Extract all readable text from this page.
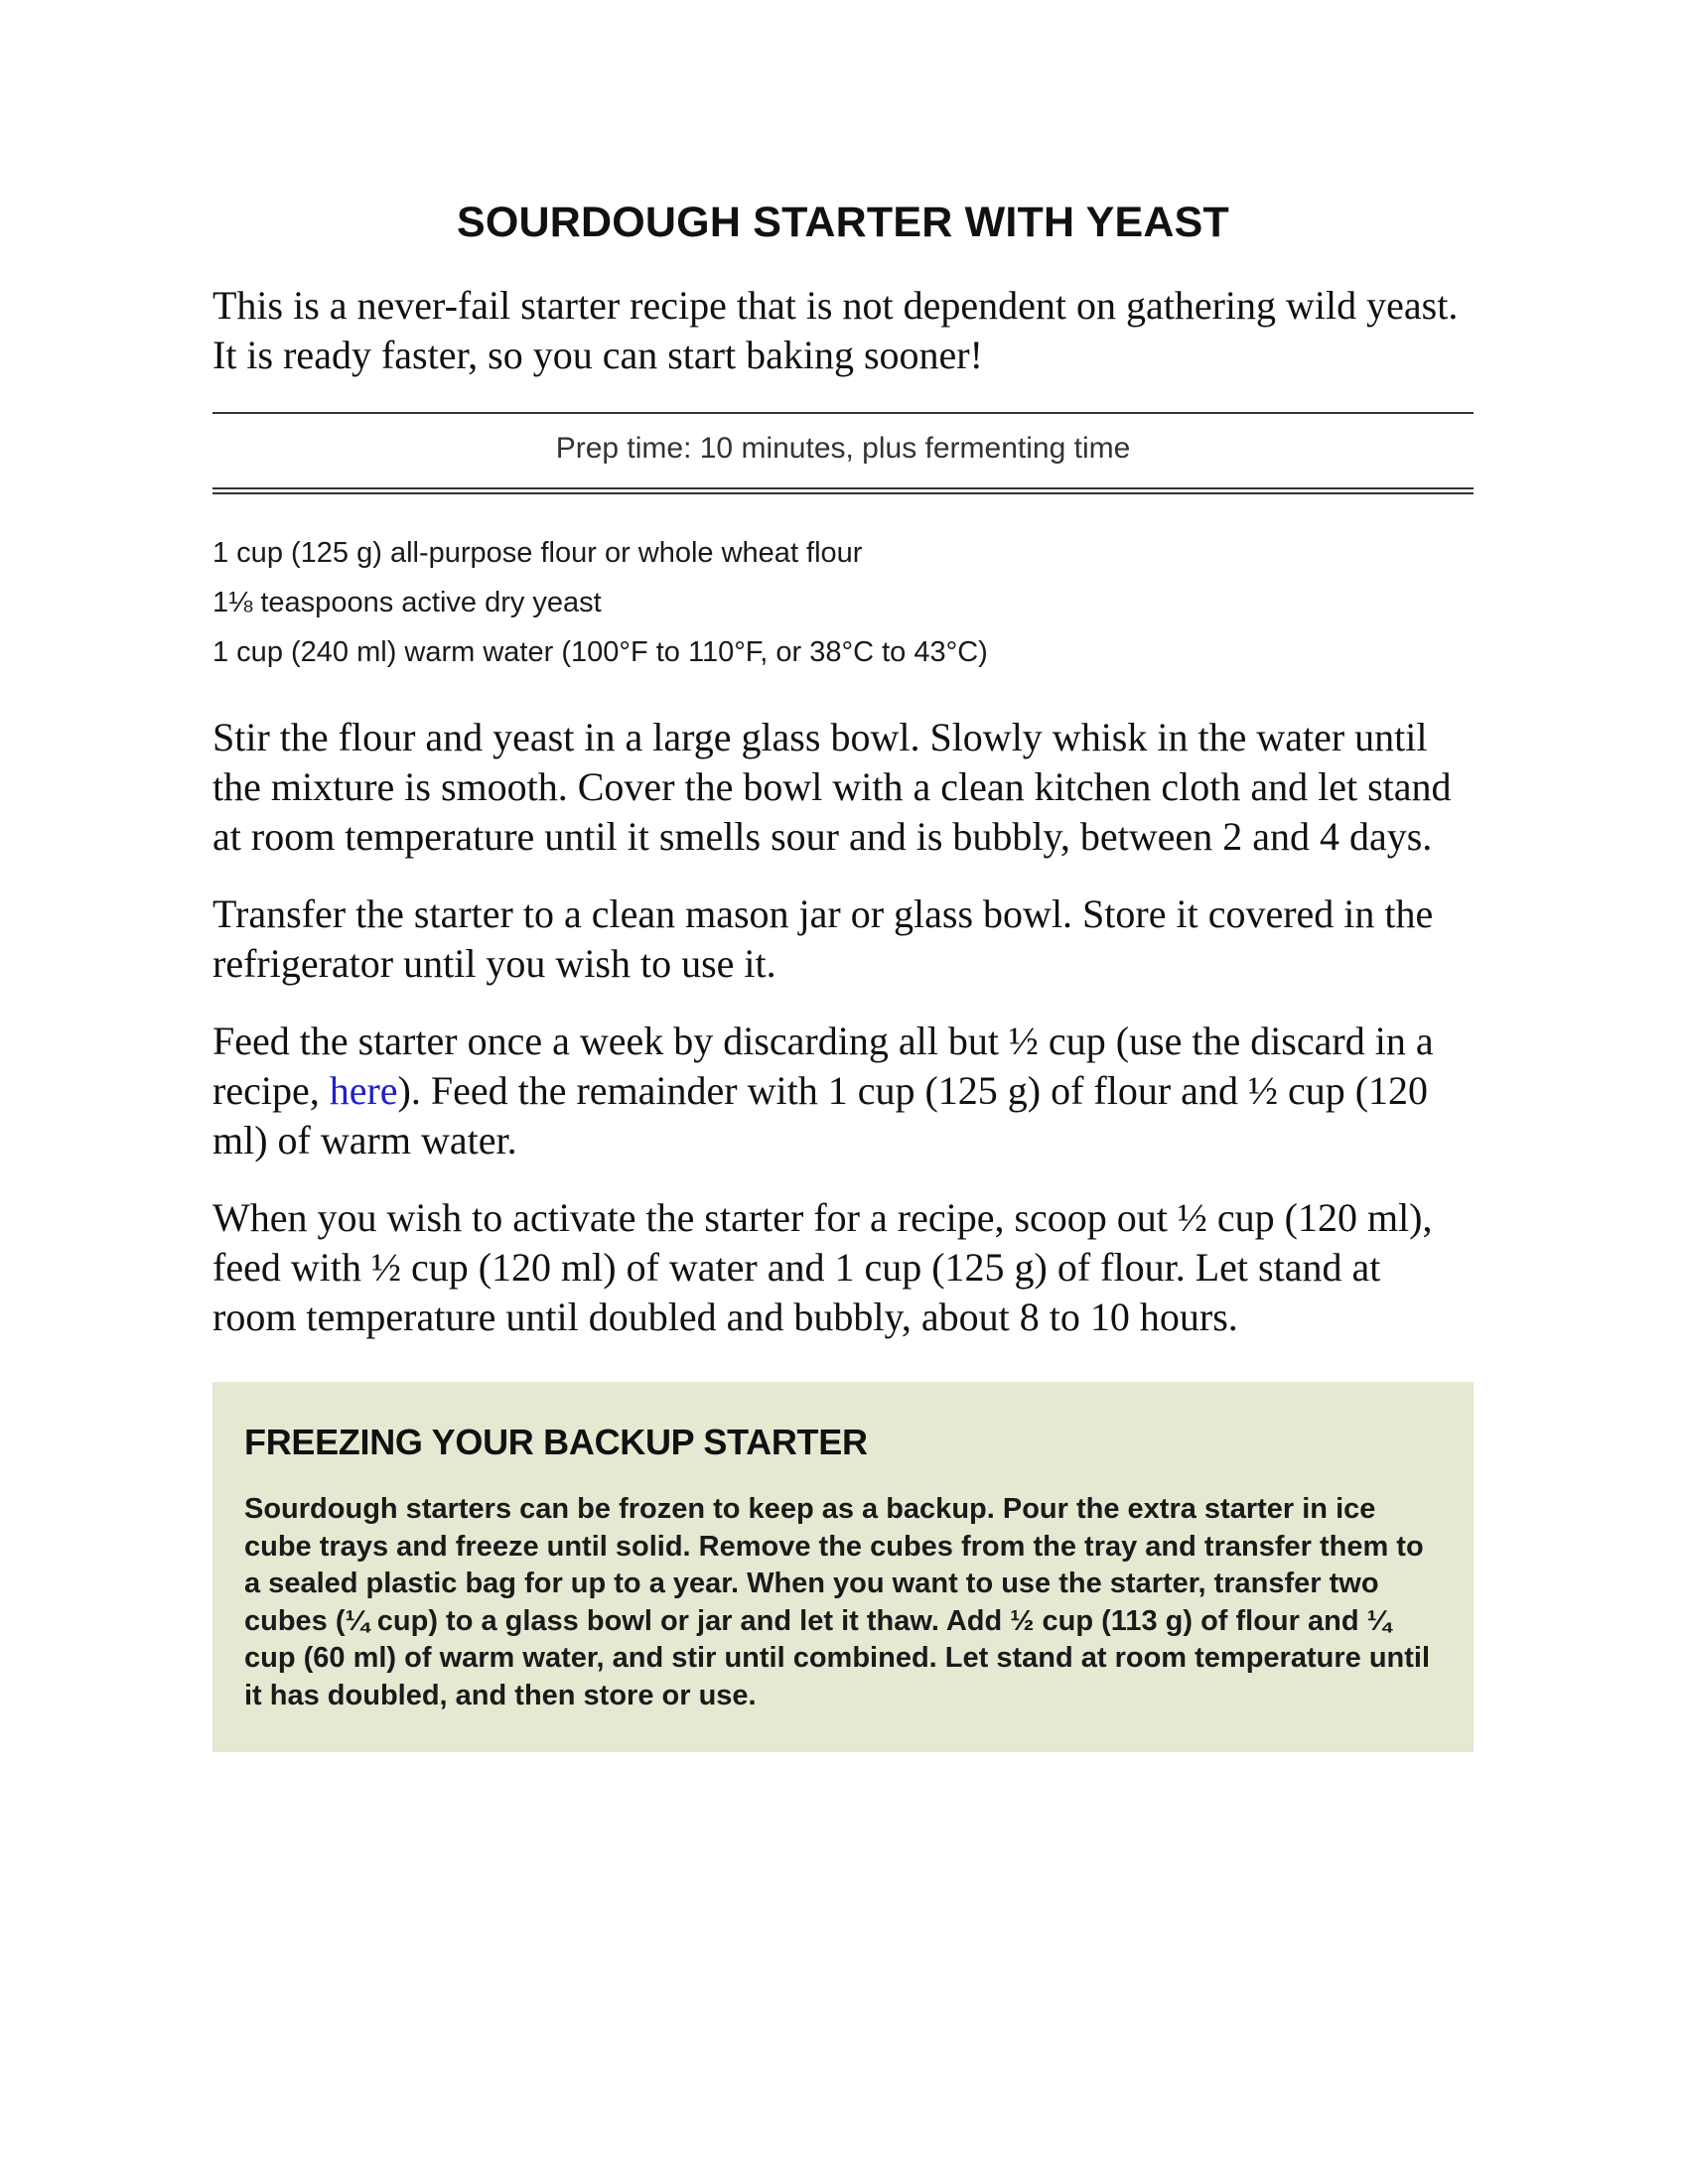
SOURDOUGH STARTER WITH YEAST

This is a never-fail starter recipe that is not dependent on gathering wild yeast. It is ready faster, so you can start baking sooner!

Prep time: 10 minutes, plus fermenting time
1 cup (125 g) all-purpose flour or whole wheat flour
1⅛ teaspoons active dry yeast
1 cup (240 ml) warm water (100°F to 110°F, or 38°C to 43°C)

Stir the flour and yeast in a large glass bowl. Slowly whisk in the water until the mixture is smooth. Cover the bowl with a clean kitchen cloth and let stand at room temperature until it smells sour and is bubbly, between 2 and 4 days.

Transfer the starter to a clean mason jar or glass bowl. Store it covered in the refrigerator until you wish to use it.

Feed the starter once a week by discarding all but ½ cup (use the discard in a recipe, here). Feed the remainder with 1 cup (125 g) of flour and ½ cup (120 ml) of warm water.

When you wish to activate the starter for a recipe, scoop out ½ cup (120 ml), feed with ½ cup (120 ml) of water and 1 cup (125 g) of flour. Let stand at room temperature until doubled and bubbly, about 8 to 10 hours.

FREEZING YOUR BACKUP STARTER

Sourdough starters can be frozen to keep as a backup. Pour the extra starter in ice cube trays and freeze until solid. Remove the cubes from the tray and transfer them to a sealed plastic bag for up to a year. When you want to use the starter, transfer two cubes (¼ cup) to a glass bowl or jar and let it thaw. Add ½ cup (113 g) of flour and ¼ cup (60 ml) of warm water, and stir until combined. Let stand at room temperature until it has doubled, and then store or use.
